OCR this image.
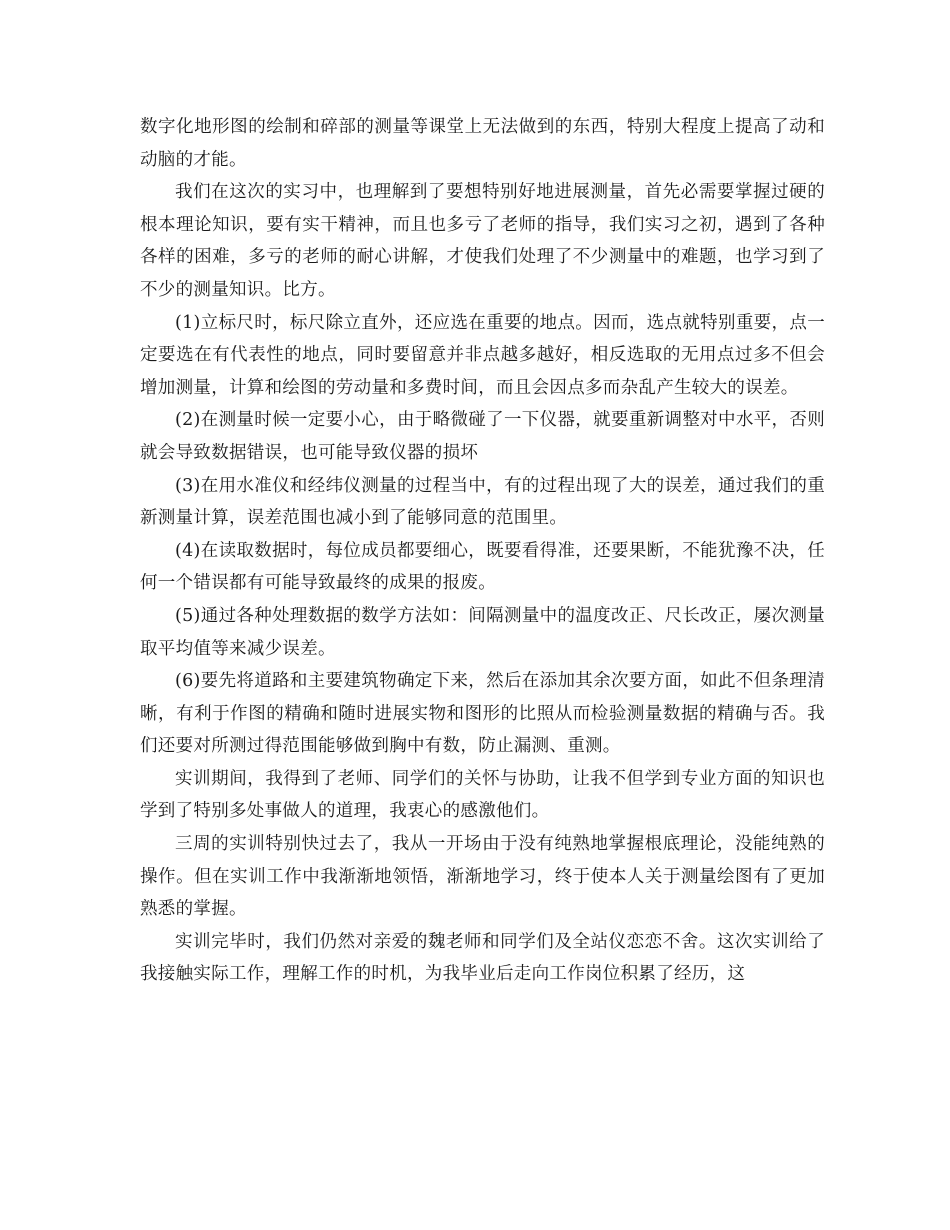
数字化地形图的绘制和碎部的测量等课堂上无法做到的东西，特别大程度上提高了动和动脑的才能。

我们在这次的实习中，也理解到了要想特别好地进展测量，首先必需要掌握过硬的根本理论知识，要有实干精神，而且也多亏了老师的指导，我们实习之初，遇到了各种各样的困难，多亏的老师的耐心讲解，才使我们处理了不少测量中的难题，也学习到了不少的测量知识。比方。

(1)立标尺时，标尺除立直外，还应选在重要的地点。因而，选点就特别重要，点一定要选在有代表性的地点，同时要留意并非点越多越好，相反选取的无用点过多不但会增加测量，计算和绘图的劳动量和多费时间，而且会因点多而杂乱产生较大的误差。

(2)在测量时候一定要小心，由于略微碰了一下仪器，就要重新调整对中水平，否则就会导致数据错误，也可能导致仪器的损坏

(3)在用水准仪和经纬仪测量的过程当中，有的过程出现了大的误差，通过我们的重新测量计算，误差范围也减小到了能够同意的范围里。

(4)在读取数据时，每位成员都要细心，既要看得准，还要果断，不能犹豫不决，任何一个错误都有可能导致最终的成果的报废。

(5)通过各种处理数据的数学方法如：间隔测量中的温度改正、尺长改正，屡次测量取平均值等来减少误差。

(6)要先将道路和主要建筑物确定下来，然后在添加其余次要方面，如此不但条理清晰，有利于作图的精确和随时进展实物和图形的比照从而检验测量数据的精确与否。我们还要对所测过得范围能够做到胸中有数，防止漏测、重测。

实训期间，我得到了老师、同学们的关怀与协助，让我不但学到专业方面的知识也学到了特别多处事做人的道理，我衷心的感激他们。

三周的实训特别快过去了，我从一开场由于没有纯熟地掌握根底理论，没能纯熟的操作。但在实训工作中我渐渐地领悟，渐渐地学习，终于使本人关于测量绘图有了更加熟悉的掌握。

实训完毕时，我们仍然对亲爱的魏老师和同学们及全站仪恋恋不舍。这次实训给了我接触实际工作，理解工作的时机，为我毕业后走向工作岗位积累了经历，这
